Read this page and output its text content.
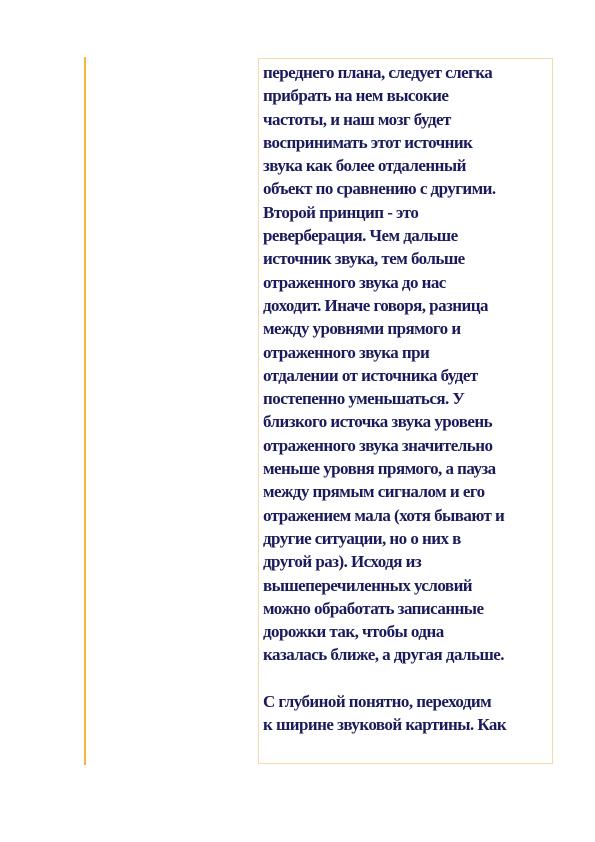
переднего плана, следует слегка
прибрать на нем высокие
частоты, и наш мозг будет
воспринимать этот источник
звука как более отдаленный
объект по сравнению с другими.
Второй принцип - это
реверберация. Чем дальше
источник звука, тем больше
отраженного звука до нас
доходит. Иначе говоря, разница
между уровнями прямого и
отраженного звука при
отдалении от источника будет
постепенно уменьшаться. У
близкого источка звука уровень
отраженного звука значительно
меньше уровня прямого, а пауза
между прямым сигналом и его
отражением мала (хотя бывают и
другие ситуации, но о них в
другой раз). Исходя из
вышеперечиленных условий
можно обработать записанные
дорожки так, чтобы одна
казалась ближе, а другая дальше.

С глубиной понятно, переходим
к ширине звуковой картины. Как
